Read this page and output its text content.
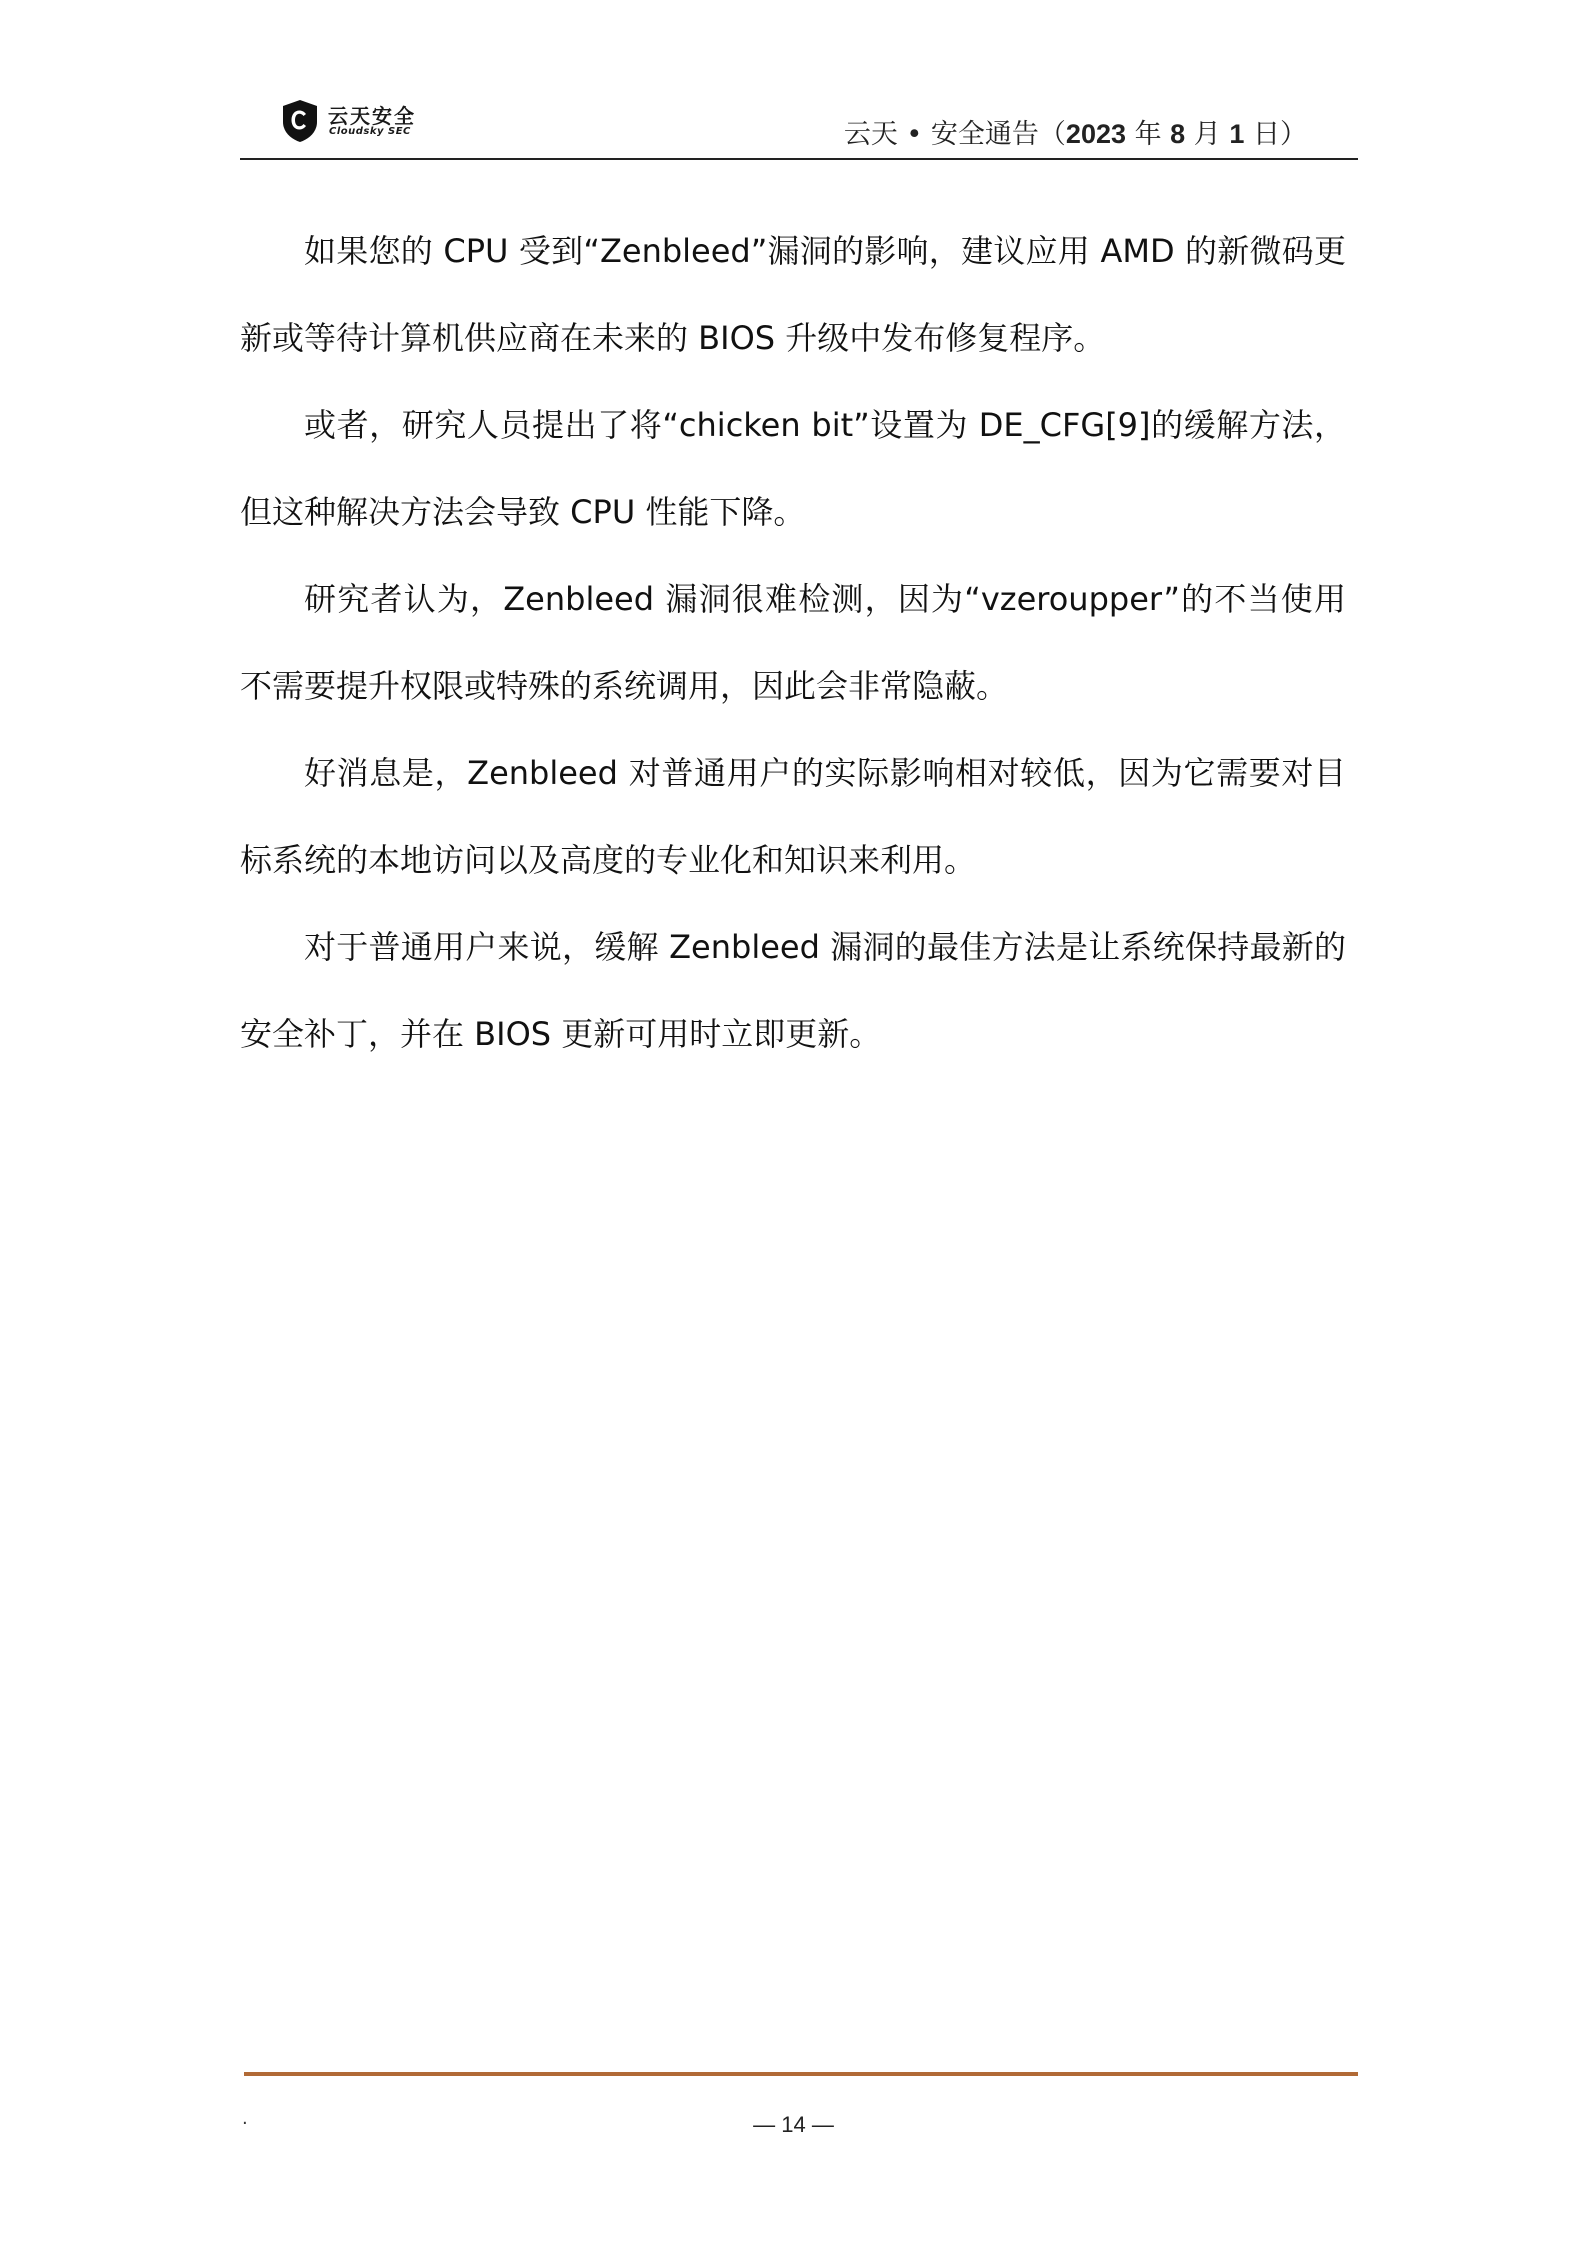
云天安全
Cloudsky SEC	云天 • 安全通告（2023 年 8 月 1 日）

如果您的 CPU 受到“Zenbleed”漏洞的影响，建议应用 AMD 的新微码更新或等待计算机供应商在未来的 BIOS 升级中发布修复程序。

或者，研究人员提出了将“chicken bit”设置为 DE_CFG[9]的缓解方法，但这种解决方法会导致 CPU 性能下降。

研究者认为，Zenbleed 漏洞很难检测，因为“vzeroupper”的不当使用不需要提升权限或特殊的系统调用，因此会非常隐蔽。

好消息是，Zenbleed 对普通用户的实际影响相对较低，因为它需要对目标系统的本地访问以及高度的专业化和知识来利用。

对于普通用户来说，缓解 Zenbleed 漏洞的最佳方法是让系统保持最新的安全补丁，并在 BIOS 更新可用时立即更新。

.	— 14 —
